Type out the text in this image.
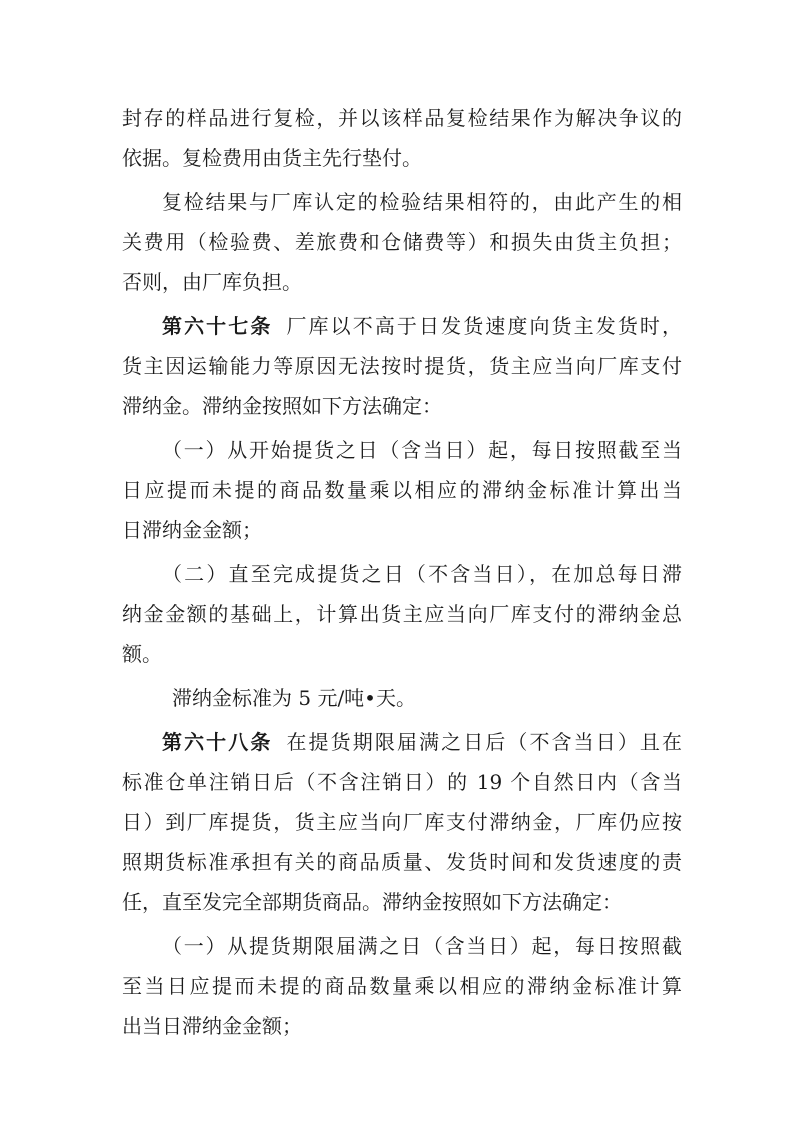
封存的样品进行复检，并以该样品复检结果作为解决争议的

依据。复检费用由货主先行垫付。

复检结果与厂库认定的检验结果相符的，由此产生的相

关费用（检验费、差旅费和仓储费等）和损失由货主负担；

否则，由厂库负担。

第六十七条 厂库以不高于日发货速度向货主发货时，

货主因运输能力等原因无法按时提货，货主应当向厂库支付

滞纳金。滞纳金按照如下方法确定：

（一）从开始提货之日（含当日）起，每日按照截至当

日应提而未提的商品数量乘以相应的滞纳金标准计算出当

日滞纳金金额；

（二）直至完成提货之日（不含当日），在加总每日滞

纳金金额的基础上，计算出货主应当向厂库支付的滞纳金总

额。

滞纳金标准为 5 元/吨•天。

第六十八条 在提货期限届满之日后（不含当日）且在

标准仓单注销日后（不含注销日）的 19 个自然日内（含当

日）到厂库提货，货主应当向厂库支付滞纳金，厂库仍应按

照期货标准承担有关的商品质量、发货时间和发货速度的责

任，直至发完全部期货商品。滞纳金按照如下方法确定：

（一）从提货期限届满之日（含当日）起，每日按照截

至当日应提而未提的商品数量乘以相应的滞纳金标准计算

出当日滞纳金金额；
